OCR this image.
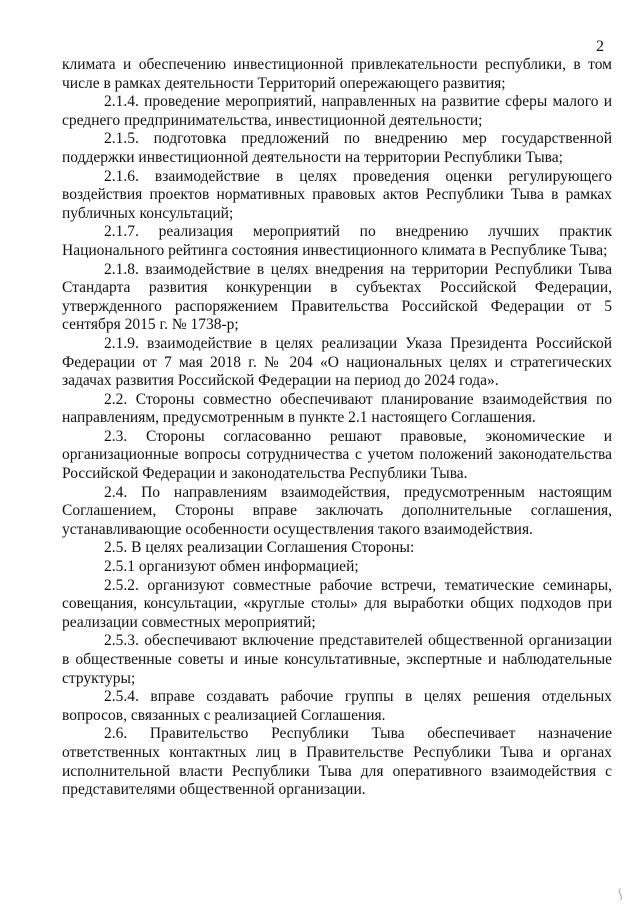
2

климата и обеспечению инвестиционной привлекательности республики, в том числе в рамках деятельности Территорий опережающего развития;

2.1.4. проведение мероприятий, направленных на развитие сферы малого и среднего предпринимательства, инвестиционной деятельности;

2.1.5. подготовка предложений по внедрению мер государственной поддержки инвестиционной деятельности на территории Республики Тыва;

2.1.6. взаимодействие в целях проведения оценки регулирующего воздействия проектов нормативных правовых актов Республики Тыва в рамках публичных консультаций;

2.1.7. реализация мероприятий по внедрению лучших практик Национального рейтинга состояния инвестиционного климата в Республике Тыва;

2.1.8. взаимодействие в целях внедрения на территории Республики Тыва Стандарта развития конкуренции в субъектах Российской Федерации, утвержденного распоряжением Правительства Российской Федерации от 5 сентября 2015 г. № 1738-р;

2.1.9. взаимодействие в целях реализации Указа Президента Российской Федерации от 7 мая 2018 г. № 204 «О национальных целях и стратегических задачах развития Российской Федерации на период до 2024 года».

2.2. Стороны совместно обеспечивают планирование взаимодействия по направлениям, предусмотренным в пункте 2.1 настоящего Соглашения.

2.3. Стороны согласованно решают правовые, экономические и организационные вопросы сотрудничества с учетом положений законодательства Российской Федерации и законодательства Республики Тыва.

2.4. По направлениям взаимодействия, предусмотренным настоящим Соглашением, Стороны вправе заключать дополнительные соглашения, устанавливающие особенности осуществления такого взаимодействия.

2.5. В целях реализации Соглашения Стороны:

2.5.1 организуют обмен информацией;

2.5.2. организуют совместные рабочие встречи, тематические семинары, совещания, консультации, «круглые столы» для выработки общих подходов при реализации совместных мероприятий;

2.5.3. обеспечивают включение представителей общественной организации в общественные советы и иные консультативные, экспертные и наблюдательные структуры;

2.5.4. вправе создавать рабочие группы в целях решения отдельных вопросов, связанных с реализацией Соглашения.

2.6. Правительство Республики Тыва обеспечивает назначение ответственных контактных лиц в Правительстве Республики Тыва и органах исполнительной власти Республики Тыва для оперативного взаимодействия с представителями общественной организации.

ʃ
